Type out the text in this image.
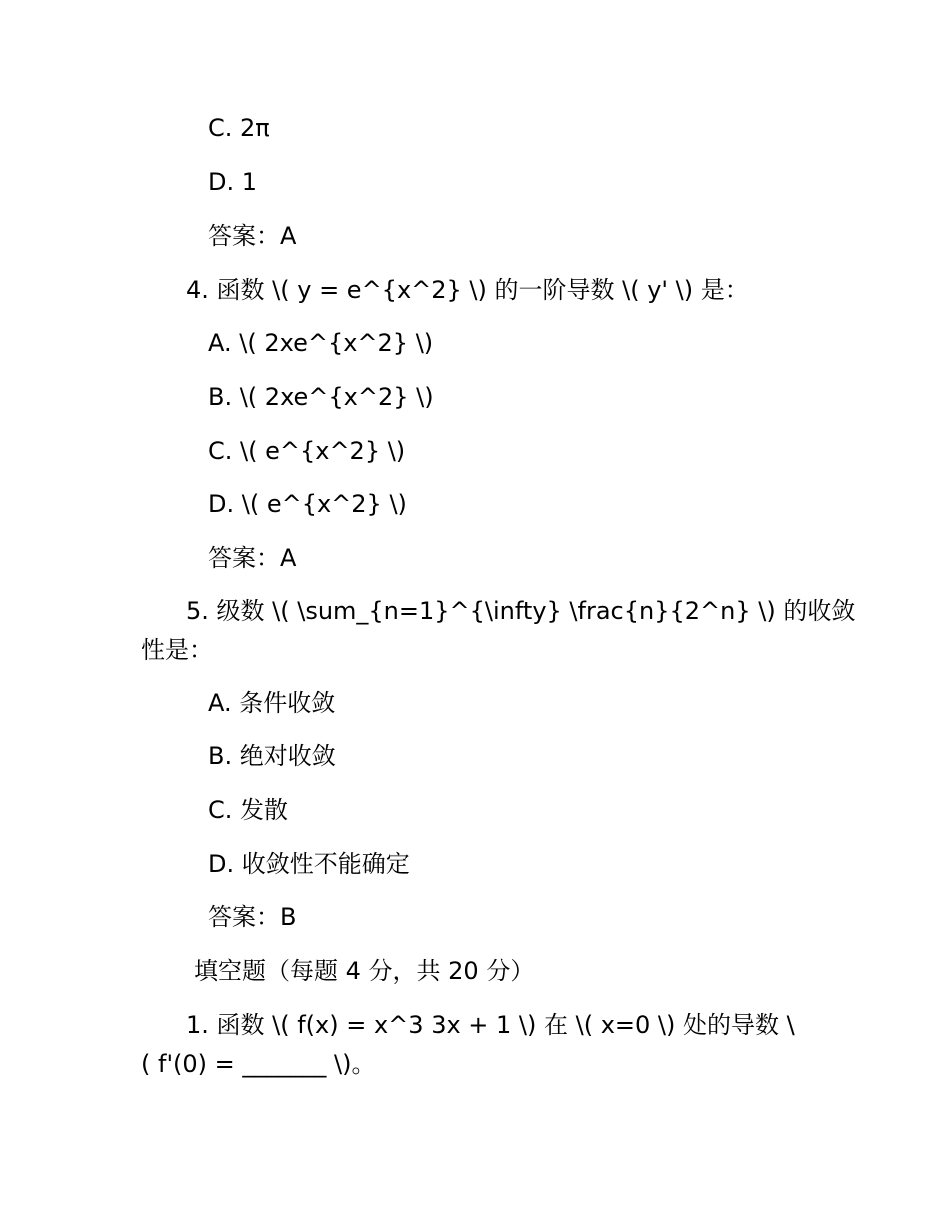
C. 2π
D. 1
答案：A
4. 函数 \( y = e^{x^2} \) 的一阶导数 \( y' \) 是：
A. \( 2xe^{x^2} \)
B. \( 2xe^{x^2} \)
C. \( e^{x^2} \)
D. \( e^{x^2} \)
答案：A
5. 级数 \( \sum_{n=1}^{\infty} \frac{n}{2^n} \) 的收敛
性是：
A. 条件收敛
B. 绝对收敛
C. 发散
D. 收敛性不能确定
答案：B
填空题（每题 4 分，共 20 分）
1. 函数 \( f(x) = x^3 3x + 1 \) 在 \( x=0 \) 处的导数 \
( f'(0) = _______ \)。
